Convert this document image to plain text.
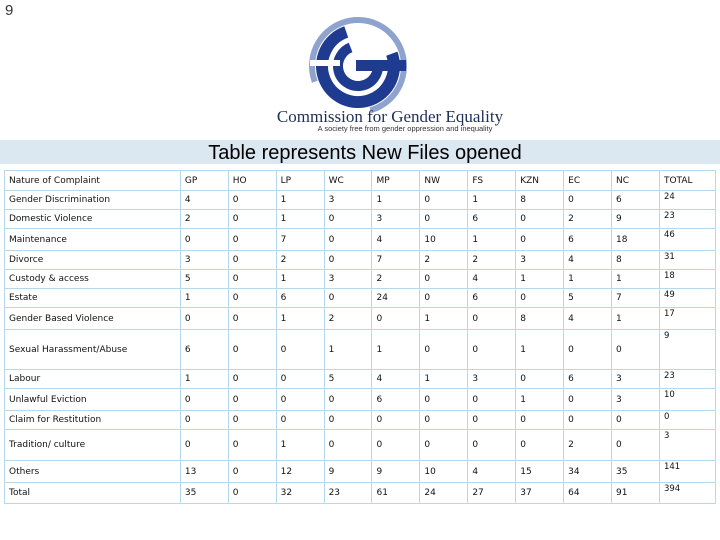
9
Commission for Gender Equality
A society free from gender oppression and inequality
Table represents New Files opened
Nature of Complaint	GP	HO	LP	WC	MP	NW	FS	KZN	EC	NC	TOTAL
Gender Discrimination	4	0	1	3	1	0	1	8	0	6	24
Domestic Violence	2	0	1	0	3	0	6	0	2	9	23
Maintenance	0	0	7	0	4	10	1	0	6	18	46
Divorce	3	0	2	0	7	2	2	3	4	8	31
Custody & access	5	0	1	3	2	0	4	1	1	1	18
Estate	1	0	6	0	24	0	6	0	5	7	49
Gender Based Violence	0	0	1	2	0	1	0	8	4	1	17
Sexual Harassment/Abuse	6	0	0	1	1	0	0	1	0	0	9
Labour	1	0	0	5	4	1	3	0	6	3	23
Unlawful Eviction	0	0	0	0	6	0	0	1	0	3	10
Claim for Restitution	0	0	0	0	0	0	0	0	0	0	0
Tradition/ culture	0	0	1	0	0	0	0	0	2	0	3
Others	13	0	12	9	9	10	4	15	34	35	141
Total	35	0	32	23	61	24	27	37	64	91	394
